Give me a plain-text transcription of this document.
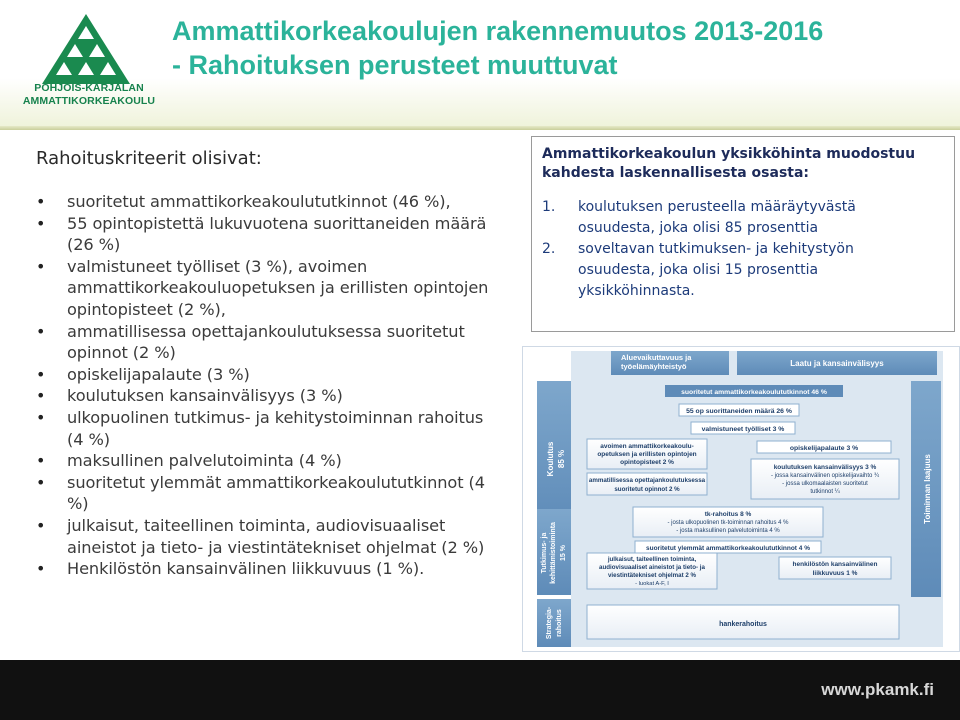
POHJOIS-KARJALAN
AMMATTIKORKEAKOULU
Ammattikorkeakoulujen rakennemuutos 2013-2016
- Rahoituksen perusteet muuttuvat
Rahoituskriteerit olisivat:
• suoritetut ammattikorkeakoulututkinnot (46 %),
• 55 opintopistettä lukuvuotena suorittaneiden määrä (26 %)
• valmistuneet työlliset (3 %), avoimen ammattikorkeakouluopetuksen ja erillisten opintojen opintopisteet (2 %),
• ammatillisessa opettajankoulutuksessa suoritetut opinnot (2 %)
• opiskelijapalaute (3 %)
• koulutuksen kansainvälisyys (3 %)
• ulkopuolinen tutkimus- ja kehitystoiminnan rahoitus (4 %)
• maksullinen palvelutoiminta (4 %)
• suoritetut ylemmät ammattikorkeakoulututkinnot (4 %)
• julkaisut, taiteellinen toiminta, audiovisuaaliset aineistot ja tieto- ja viestintätekniset ohjelmat (2 %)
• Henkilöstön kansainvälinen liikkuvuus (1 %).
Ammattikorkeakoulun yksikköhinta muodostuu kahdesta laskennallisesta osasta:
1. koulutuksen perusteella määräytyvästä
osuudesta, joka olisi 85 prosenttia
2. soveltavan tutkimuksen- ja kehitystyön
osuudesta, joka olisi 15 prosenttia
yksikköhinnasta.
Aluevaikuttavuus ja
työelämäyhteistyö	Laatu ja kansainvälisyys
Koulutus 85 %
Tutkimus- ja kehittämistoiminta 15 %
Strategia- rahoitus
Toiminnan laajuus
suoritetut ammattikorkeakoulututkinnot 46 %
55 op suorittaneiden määrä 26 %
valmistuneet työlliset 3 %
avoimen ammattikorkeakoulu-
opetuksen ja erillisten opintojen
opintopisteet 2 %
opiskelijapalaute 3 %
ammatillisessa opettajankoulutuksessa
suoritetut opinnot 2 %
koulutuksen kansainvälisyys 3 %
- jossa kansainvälinen opiskelijavaihto ¾
- jossa ulkomaalaisten suoritetut
tutkinnot ¼
tk-rahoitus 8 %
- josta ulkopuolinen tk-toiminnan rahoitus 4 %
- josta maksullinen palvelutoiminta 4 %
suoritetut ylemmät ammattikorkeakoulututkinnot 4 %
julkaisut, taiteellinen toiminta,
audiovisuaaliset aineistot ja tieto- ja
viestintätekniset ohjelmat 2 %
- luokat A-F, I
henkilöstön kansainvälinen
liikkuvuus 1 %
hankerahoitus
www.pkamk.fi
